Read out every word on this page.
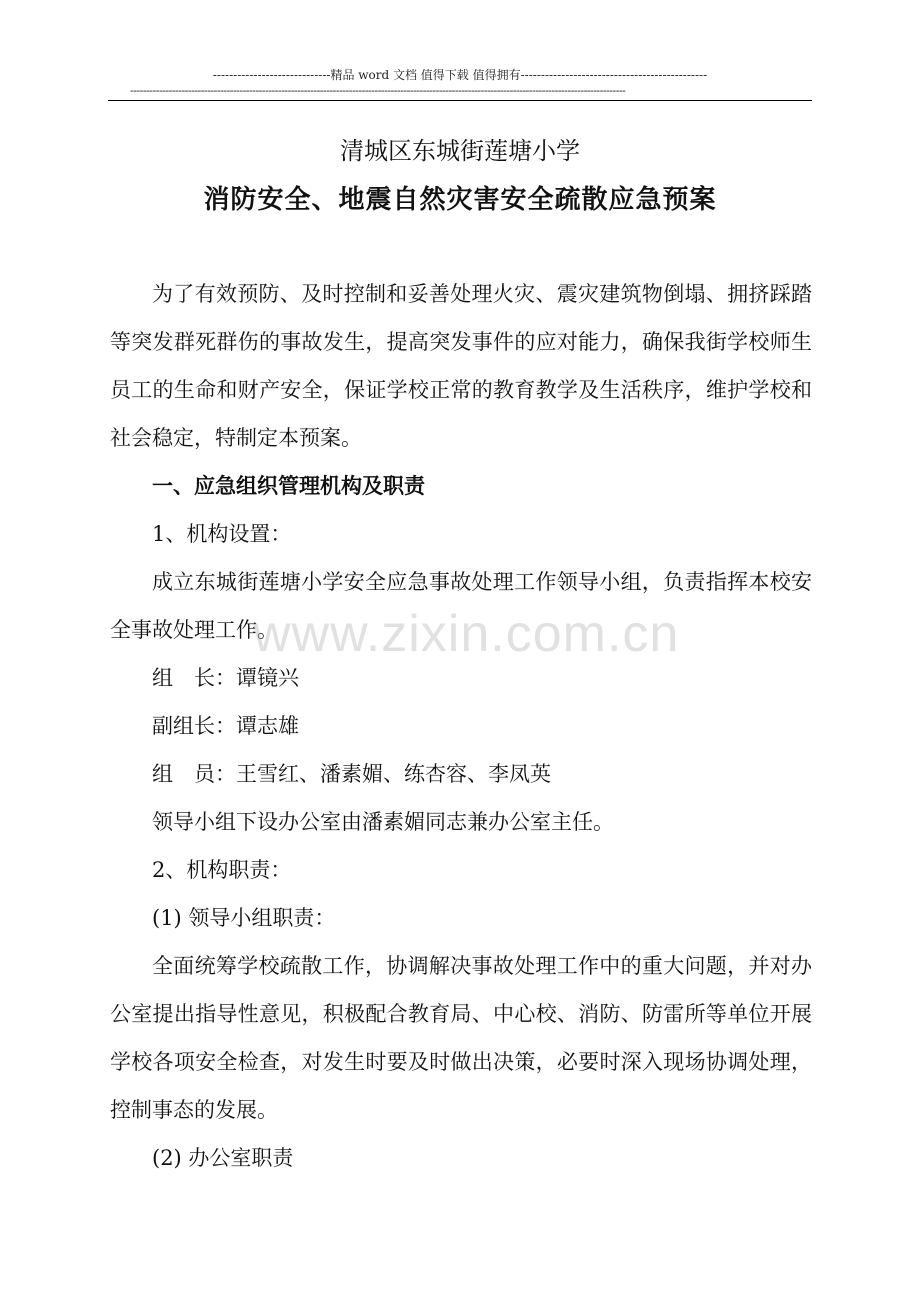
-----------------------------精品 word 文档 值得下载 值得拥有----------------------------------------------
----------------------------------------------------------------------------------------------------------------------------------------------------------
清城区东城街莲塘小学
消防安全、地震自然灾害安全疏散应急预案

为了有效预防、及时控制和妥善处理火灾、震灾建筑物倒塌、拥挤踩踏等突发群死群伤的事故发生，提高突发事件的应对能力，确保我街学校师生员工的生命和财产安全，保证学校正常的教育教学及生活秩序，维护学校和社会稳定，特制定本预案。

一、应急组织管理机构及职责
1、机构设置：

成立东城街莲塘小学安全应急事故处理工作领导小组，负责指挥本校安全事故处理工作。

组　长：谭镜兴
副组长：谭志雄
组　员：王雪红、潘素媚、练杏容、李凤英
领导小组下设办公室由潘素媚同志兼办公室主任。
2、机构职责：
(1) 领导小组职责：

全面统筹学校疏散工作，协调解决事故处理工作中的重大问题，并对办公室提出指导性意见，积极配合教育局、中心校、消防、防雷所等单位开展学校各项安全检查，对发生时要及时做出决策，必要时深入现场协调处理，控制事态的发展。

(2) 办公室职责
www.zixin.com.cn
